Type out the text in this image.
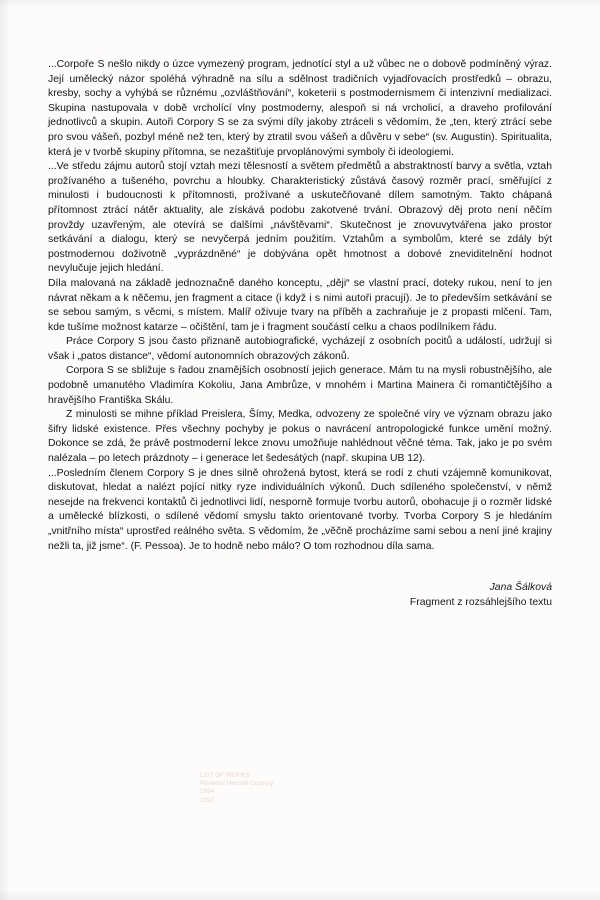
...Corpoře S nešlo nikdy o úzce vymezený program, jednotící styl a už vůbec ne o dobově podmíněný výraz. Její umělecký názor spoléhá výhradně na sílu a sdělnost tradičních vyjadřovacích prostředků – obrazu, kresby, sochy a vyhýbá se různému „ozvláštňování“, koketerii s postmodernismem či intenzivní medializaci. Skupina nastupovala v době vrcholící vlny postmoderny, alespoň si ná vrcholicí, a draveho profilování jednotlivců a skupin. Autoři Corpory S se za svými díly jakoby ztráceli s vědomím, že „ten, který ztrácí sebe pro svou vášeň, pozbyl méně než ten, který by ztratil svou vášeň a důvěru v sebe“ (sv. Augustin). Spiritualita, která je v tvorbě skupiny přítomna, se nezaštiťuje prvoplánovými symboly či ideologiemi.

...Ve středu zájmu autorů stojí vztah mezi tělesností a světem předmětů a abstraktností barvy a světla, vztah prožívaného a tušeného, povrchu a hloubky. Charakteristický zůstává časový rozměr prací, směřující z minulosti i budoucnosti k přítomnosti, prožívané a uskutečňované dílem samotným. Takto chápaná přítomnost ztrácí nátěr aktuality, ale získává podobu zakotvené trvání. Obrazový děj proto není něčím provždy uzavřeným, ale otevírá se dalšími „návštěvami“. Skutečnost je znovuvytvářena jako prostor setkávání a dialogu, který se nevyčerpá jedním použitím. Vztahům a symbolům, které se zdály být postmodernou doživotně „vyprázdněné“ je dobývána opět hmotnost a dobové zneviditelnění hodnot nevylučuje jejich hledání.

Díla malovaná na základě jednoznačně daného konceptu, „ději“ se vlastní prací, doteky rukou, není to jen návrat někam a k něčemu, jen fragment a citace (i když i s nimi autoři pracují). Je to především setkávání se se sebou samým, s věcmi, s místem. Malíř oživuje tvary na příběh a zachraňuje je z propasti mlčení. Tam, kde tušíme možnost katarze – očištění, tam je i fragment součástí celku a chaos podílníkem řádu.

Práce Corpory S jsou často přiznaně autobiografické, vycházejí z osobních pocitů a událostí, udržují si však i „patos distance“, vědomí autonomních obrazových zákonů.

Corpora S se sbližuje s řadou znamějších osobností jejich generace. Mám tu na mysli robustnějšího, ale podobně umanutého Vladimíra Kokoliu, Jana Ambrůze, v mnohém i Martina Mainera či romantičtějšího a hravějšího Františka Skálu.

Z minulosti se mihne příklad Preislera, Šímy, Medka, odvozeny ze společné víry ve význam obrazu jako šifry lidské existence. Přes všechny pochyby je pokus o navrácení antropologické funkce umění možný. Dokonce se zdá, že právě postmoderní lekce znovu umožňuje nahlédnout věčné téma. Tak, jako je po svém nalézala – po letech prázdnoty – i generace let šedesátých (např. skupina UB 12).

...Posledním členem Corpory S je dnes silně ohrožená bytost, která se rodí z chuti vzájemně komunikovat, diskutovat, hledat a nalézt pojící nitky ryze individuálních výkonů. Duch sdíleného společenství, v němž nesejde na frekvenci kontaktů či jednotlivci lidí, nesporně formuje tvorbu autorů, obohacuje ji o rozměr lidské a umělecké blízkosti, o sdílené vědomí smyslu takto orientované tvorby. Tvorba Corpory S je hledáním „vnitřního místa“ uprostřed reálného světa. S vědomím, že „věčně procházíme sami sebou a není jiné krajiny nežli ta, již jsme“. (F. Pessoa). Je to hodně nebo málo? O tom rozhodnou díla sama.

Jana Šálková
Fragment z rozsáhlejšího textu
LIST OF WORKS
Poslední členové Corpory
1994
1997
